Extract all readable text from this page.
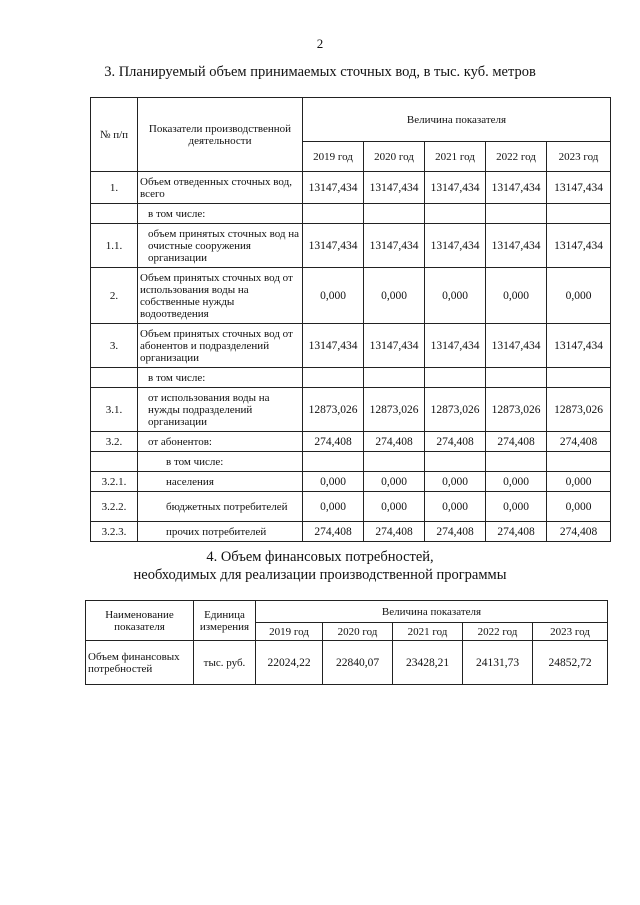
2
3. Планируемый объем принимаемых сточных вод, в тыс. куб. метров
№ п/п	Показатели производственной деятельности	Величина показателя				
		2019 год	2020 год	2021 год	2022 год	2023 год
1.	Объем отведенных сточных вод, всего	13147,434	13147,434	13147,434	13147,434	13147,434
	в том числе:					
1.1.	объем принятых сточных вод на очистные сооружения организации	13147,434	13147,434	13147,434	13147,434	13147,434
2.	Объем принятых сточных вод от использования воды на собственные нужды водоотведения	0,000	0,000	0,000	0,000	0,000
3.	Объем принятых сточных вод от абонентов и подразделений организации	13147,434	13147,434	13147,434	13147,434	13147,434
	в том числе:					
3.1.	от использования воды на нужды подразделений организации	12873,026	12873,026	12873,026	12873,026	12873,026
3.2.	от абонентов:	274,408	274,408	274,408	274,408	274,408
	в том числе:					
3.2.1.	населения	0,000	0,000	0,000	0,000	0,000
3.2.2.	бюджетных потребителей	0,000	0,000	0,000	0,000	0,000
3.2.3.	прочих потребителей	274,408	274,408	274,408	274,408	274,408
4. Объем финансовых потребностей,
необходимых для реализации производственной программы
Наименование показателя	Единица измерения	Величина показателя				
		2019 год	2020 год	2021 год	2022 год	2023 год
Объем финансовых потребностей	тыс. руб.	22024,22	22840,07	23428,21	24131,73	24852,72
